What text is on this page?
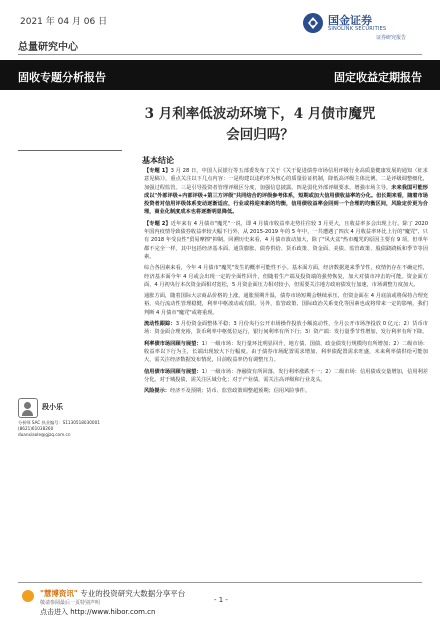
2021 年 04 月 06 日
总量研究中心
国金证券
SINOLINK SECURITIES
证券研究报告
固收专题分析报告	固定收益定期报告
3 月利率低波动环境下，4 月债市魔咒
会回归吗？
基本结论

【专题 1】3 月 28 日，中国人民银行等五部委发布了关于《关于促进债券市场信用评级行业高质量健康发展的通知（征求意见稿）》，重点关注以下几点内容：一是构建以违约率为核心的质量验证机制，降低高评级主体比例。二是评级调整细化，加强过程监管。三是引导投资者管理评级区分度，加强信息披露。四是弱化外部评级要求。增强市场主导。未来我国可能形成以"外部评级+内部评级+第三方评级"共同结合的评级参考体系，短期或加大信用债收益率的分化。但长期来看，随着市场投资者对信用评级体系变动逐渐适应，行业或将迎来新的均衡，信用债收益率会回到一个合理的均衡区间，风险定价更为合理，商业化制度成本也将逐渐明显降低。

【专题 2】近年来有 4 月债市"魔咒"一说，即 4 月债市收益率走势往往较 3 月更大，且收益率多会出现上行。除了 2020 年国内疫情导致债券收益率较大幅下行外，从 2015-2019 年的 5 年中，一共遭遇了四次 4 月收益率环比上行的"魔咒"，只有 2018 年受良性"贸易摩擦"抑制。回溯历史来看，4 月债市波动加大，除了"风火盆"热市魔咒的原因主要有 9 项，但单年都不完全一样。其中包括经济基本面、通货膨胀、债券供给、货币政策、资金面、美债、监管政策、股债跷跷板和季节等因素。

综合各因素来看，今年 4 月债市"魔咒"发生的概率可能性不小。基本面方面，经济数据迎来季节性，疫情仍存在不确定性，经济基本面今年 4 月或会出现一定的全面性回升，但随着生产端及投资端的强势恢复，加大对债市冲击的可能。资金面方面，4 月初央行本次资金面相对宽松，5 月资金面压力相对较小，但需要关注地方政府债发行加速，市场调整力度加大。

通胀方面，随着国际大宗商品价格的上涨，通胀预期升温，债券市场短期会继续承压，但资金面在 4 月底前或将保持合理充裕，央行流动性管理稳健，利率中枢波动或有限。另外，监管政策、国际政治关系变化等因素也或将带来一定的影响，我们判断 4 月债市"魔咒"或将重现。

流动性跟踪：3 月份资金面整体平稳；3 月份央行公开市场操作投放小额流动性，全月公开市场净投放 0 亿元；2）货币市场：资金面合理充裕，货币利率中枢低位运行，银行间利率有所下行；3）资产端：发行量季节性增加，发行利率有所下降。
利率债市场回顾与展望：1）一级市场：发行量环比明显回升，地方债、国债、政金债发行规模均有所增加；2）二级市场：收益率以下行为主，长端出现较大下行幅度。由于债券市场配置需求增加，利率债配置需求旺盛，未来利率债供给可能加大，需关注经济数据发布情况，目前收益率仍有调整压力。
信用债市场回顾与展望：1）一级市场：净融资有所回落，发行利率涨跌不一；2）二级市场：信用债成交量增加，信用利差分化。对于城投债，需关注区域分化；对于产业债，需关注高评级和行业龙头。
风险提示：经济不及预期；货币、监管政策调整超预期；信用风险事件。
段小乐
分析师 SAC 执业编号：S1130518030001
(8621)61038260
duanxiaole@gjzq.com.cn
"慧博资讯" 专业的投资研究大数据分享平台
敬请参阅最后一页特别声明
点击进入 http://www.hibor.com.cn
- 1 -
